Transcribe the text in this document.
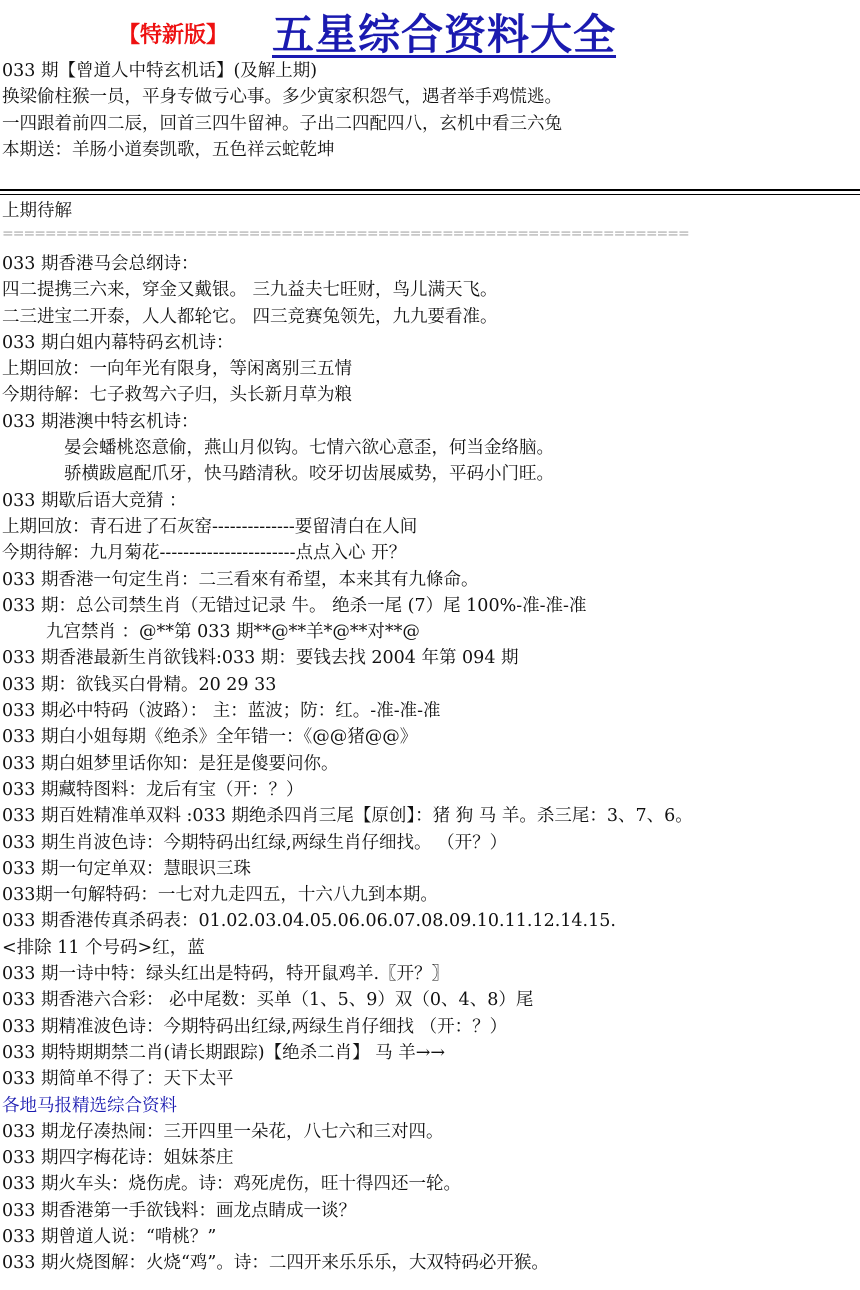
【特新版】 五星综合资料大全
033 期【曾道人中特玄机话】(及解上期)
换梁偷柱猴一员，平身专做亏心事。多少寅家积怨气，遇者举手鸡慌逃。
一四跟着前四二辰，回首三四牛留神。子出二四配四八，玄机中看三六兔
本期送：羊肠小道奏凯歌，五色祥云蛇乾坤
上期待解
================================================================
033 期香港马会总纲诗：
四二提携三六来，穿金又戴银。 三九益夫七旺财，鸟儿满天飞。
二三进宝二开泰，人人都轮它。 四三竞赛兔领先，九九要看准。
033 期白姐内幕特码玄机诗：
上期回放：一向年光有限身，等闲离别三五情
今期待解：七子救驾六子归，头长新月草为粮
033 期港澳中特玄机诗：
晏会蟠桃恣意偷，燕山月似钩。七情六欲心意歪，何当金络脑。
骄横跋扈配爪牙，快马踏清秋。咬牙切齿展威势，平码小门旺。
033 期歇后语大竞猜 ：
上期回放：青石进了石灰窑--------------要留清白在人间
今期待解：九月菊花-----------------------点点入心 开？
033 期香港一句定生肖：二三看來有希望，本来其有九條命。
033 期：总公司禁生肖（无错过记录 牛。 绝杀一尾 (7）尾 100%-准-准-准
九宫禁肖 ：@**第 033 期**@**羊*@**对**@
033 期香港最新生肖欲钱料:033 期：要钱去找 2004 年第 094 期
033 期：欲钱买白骨精。20 29 33
033 期必中特码（波路）： 主：蓝波；防：红。-准-准-准
033 期白小姐每期《绝杀》全年错一：《@@猪@@》
033 期白姐梦里话你知：是狂是傻要问你。
033 期藏特图料：龙后有宝（开：？）
033 期百姓精准单双料 :033 期绝杀四肖三尾【原创】：猪 狗 马 羊。杀三尾：3、7、6。
033 期生肖波色诗：今期特码出红绿,两绿生肖仔细找。 （开？）
033 期一句定单双：慧眼识三珠
033期一句解特码：一七对九走四五，十六八九到本期。
033 期香港传真杀码表：01.02.03.04.05.06.06.07.08.09.10.11.12.14.15.
<排除 11 个号码>红，蓝
033 期一诗中特：绿头红出是特码，特开鼠鸡羊.〖开？〗
033 期香港六合彩： 必中尾数：买单（1、5、9）双（0、4、8）尾
033 期精准波色诗：今期特码出红绿,两绿生肖仔细找 （开：？）
033 期特期期禁二肖(请长期跟踪)【绝杀二肖】 马 羊→→
033 期简单不得了：天下太平
各地马报精选综合资料
033 期龙仔凑热闹：三开四里一朵花，八七六和三对四。
033 期四字梅花诗：姐妹茶庄
033 期火车头：烧伤虎。诗：鸡死虎伤，旺十得四还一轮。
033 期香港第一手欲钱料：画龙点睛成一谈？
033 期曾道人说：“啃桃？”
033 期火烧图解：火烧“鸡”。诗：二四开来乐乐乐，大双特码必开猴。
